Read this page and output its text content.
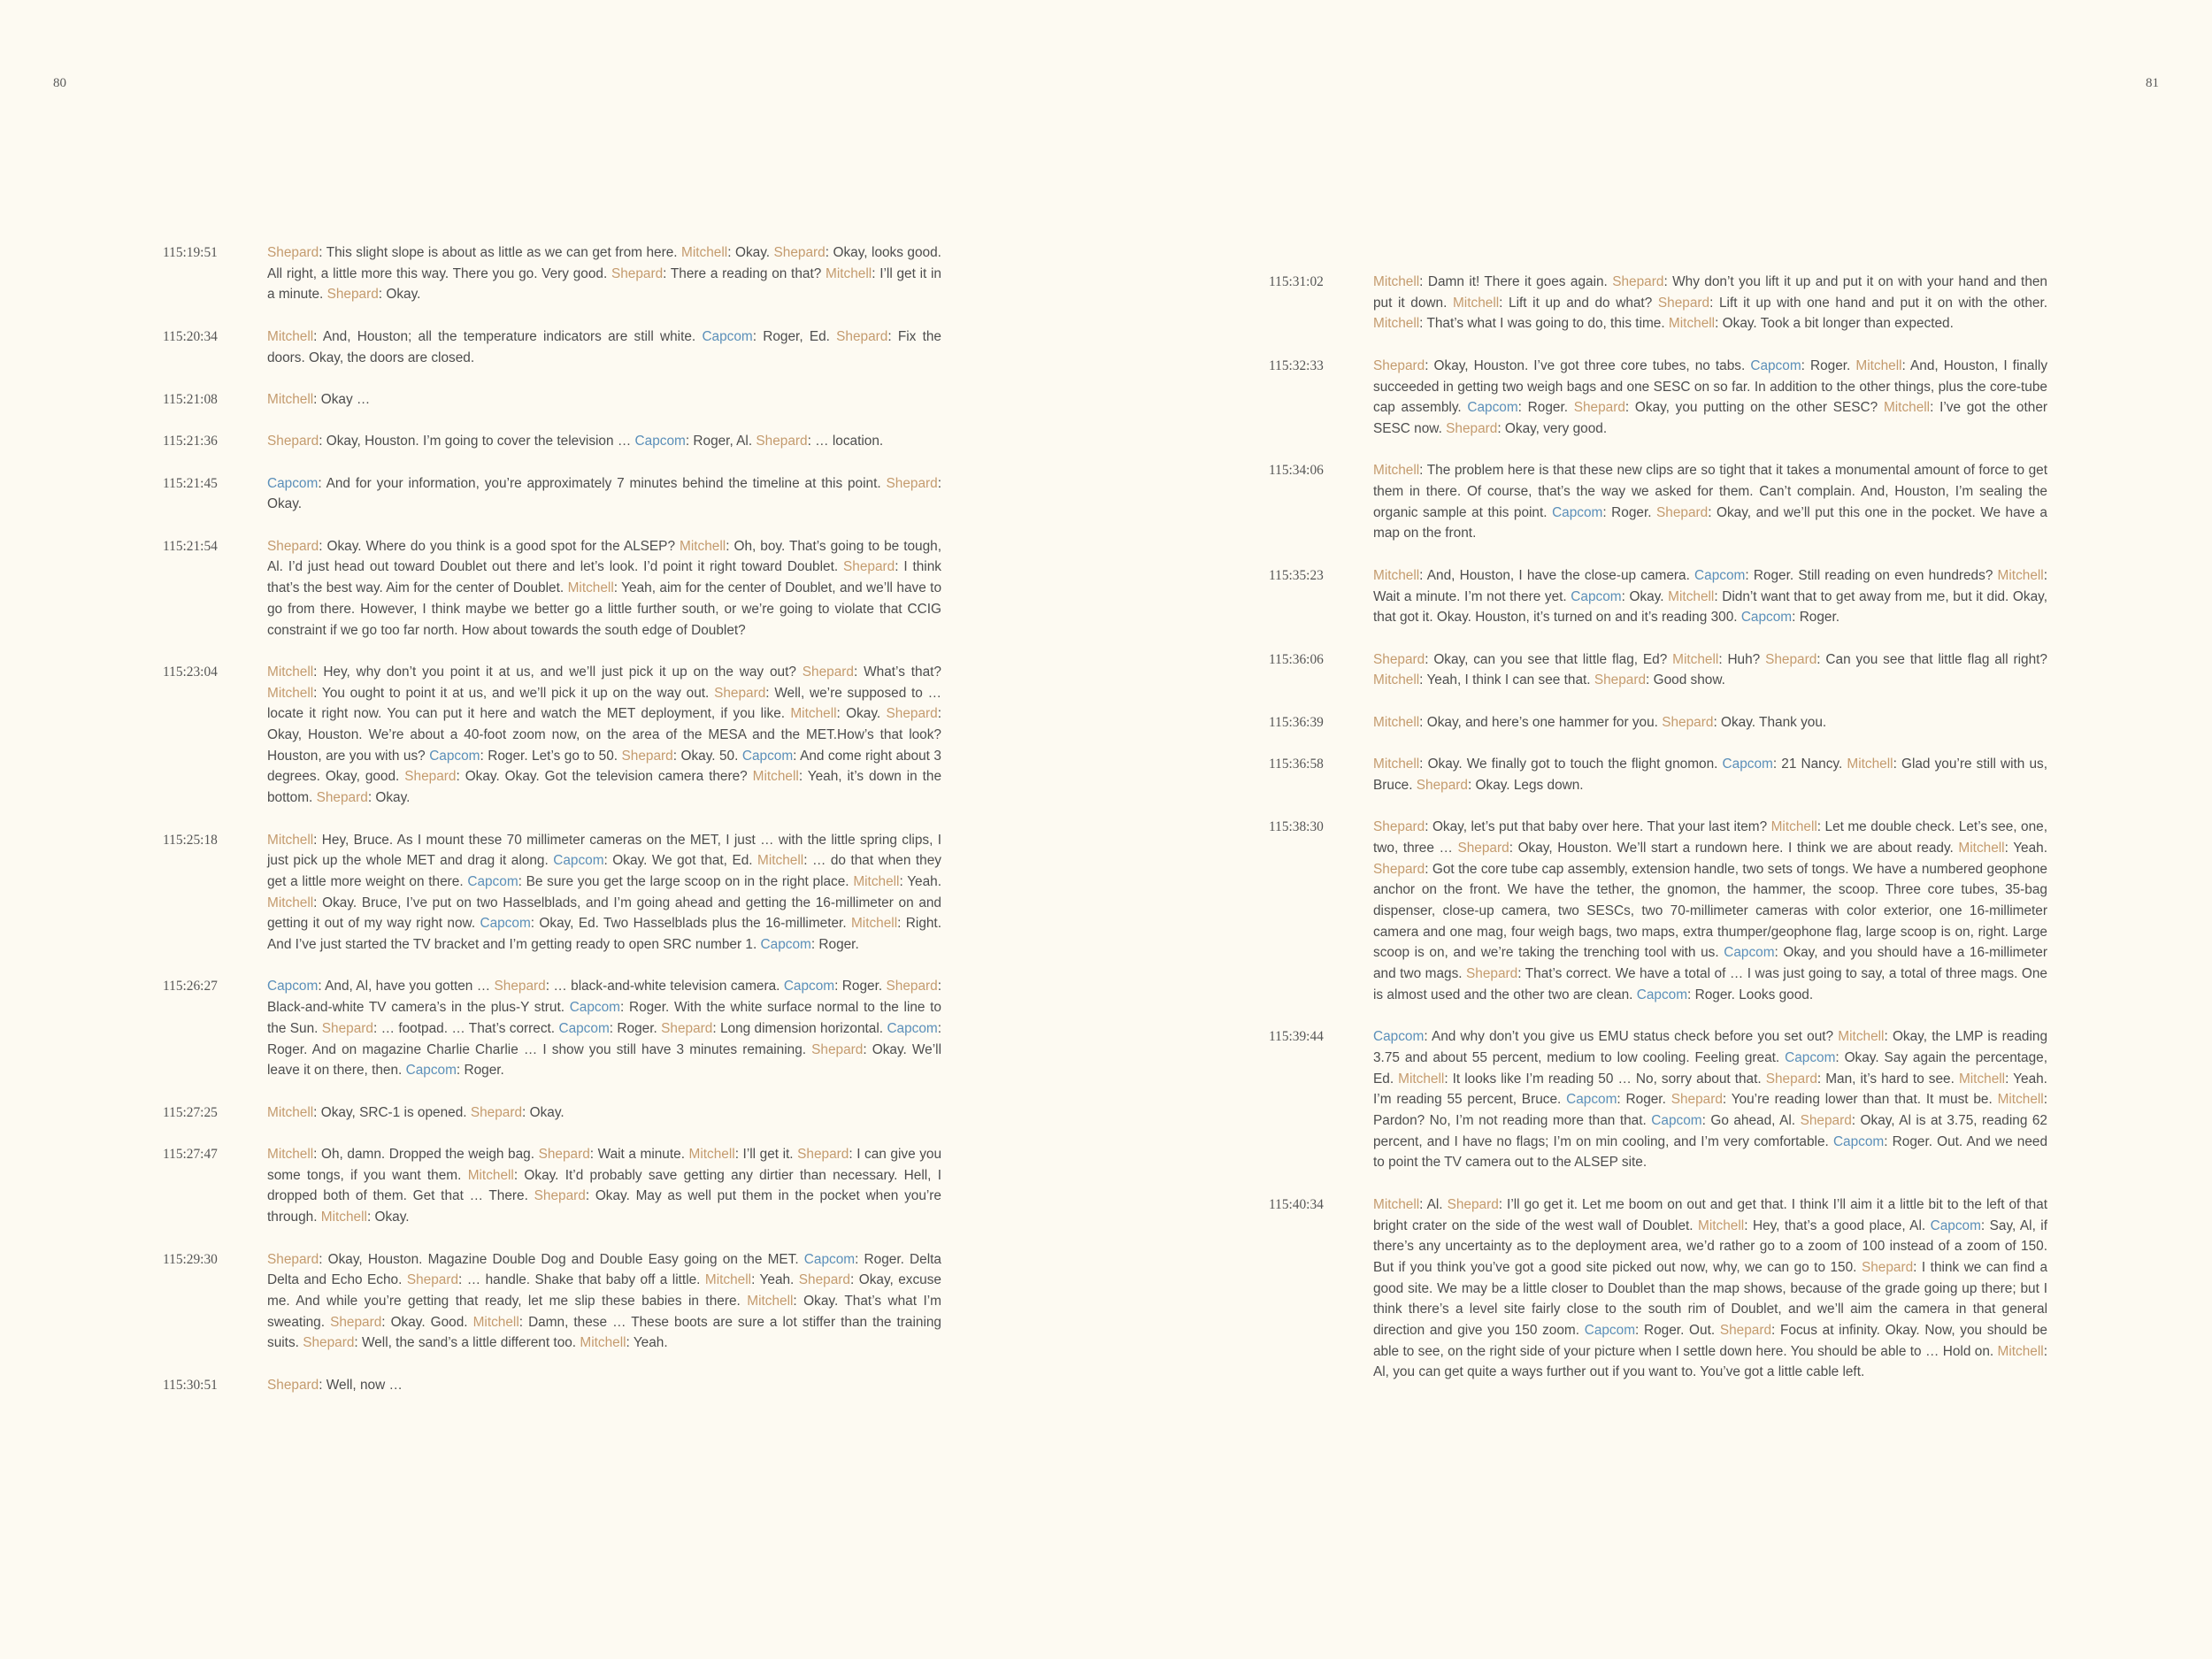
80	81
115:19:51	Shepard: This slight slope is about as little as we can get from here. Mitchell: Okay. Shepard: Okay, looks good. All right, a little more this way. There you go. Very good. Shepard: There a reading on that? Mitchell: I’ll get it in a minute. Shepard: Okay.
115:20:34	Mitchell: And, Houston; all the temperature indicators are still white. Capcom: Roger, Ed. Shepard: Fix the doors. Okay, the doors are closed.
115:21:08	Mitchell: Okay …
115:21:36	Shepard: Okay, Houston. I’m going to cover the television … Capcom: Roger, Al. Shepard: … location.
115:21:45	Capcom: And for your information, you’re approximately 7 minutes behind the timeline at this point. Shepard: Okay.
115:21:54	Shepard: Okay. Where do you think is a good spot for the ALSEP? Mitchell: Oh, boy. That’s going to be tough, Al. I’d just head out toward Doublet out there and let’s look. I’d point it right toward Doublet. Shepard: I think that’s the best way. Aim for the center of Doublet. Mitchell: Yeah, aim for the center of Doublet, and we’ll have to go from there. However, I think maybe we better go a little further south, or we’re going to violate that CCIG constraint if we go too far north. How about towards the south edge of Doublet?
115:23:04	Mitchell: Hey, why don’t you point it at us, and we’ll just pick it up on the way out? Shepard: What’s that? Mitchell: You ought to point it at us, and we’ll pick it up on the way out. Shepard: Well, we’re supposed to … locate it right now. You can put it here and watch the MET deployment, if you like. Mitchell: Okay. Shepard: Okay, Houston. We’re about a 40-foot zoom now, on the area of the MESA and the MET.How’s that look? Houston, are you with us? Capcom: Roger. Let’s go to 50. Shepard: Okay. 50. Capcom: And come right about 3 degrees. Okay, good. Shepard: Okay. Okay. Got the television camera there? Mitchell: Yeah, it’s down in the bottom. Shepard: Okay.
115:25:18	Mitchell: Hey, Bruce. As I mount these 70 millimeter cameras on the MET, I just … with the little spring clips, I just pick up the whole MET and drag it along. Capcom: Okay. We got that, Ed. Mitchell: … do that when they get a little more weight on there. Capcom: Be sure you get the large scoop on in the right place. Mitchell: Yeah. Mitchell: Okay. Bruce, I’ve put on two Hasselblads, and I’m going ahead and getting the 16-millimeter on and getting it out of my way right now. Capcom: Okay, Ed. Two Hasselblads plus the 16-millimeter. Mitchell: Right. And I’ve just started the TV bracket and I’m getting ready to open SRC number 1. Capcom: Roger.
115:26:27	Capcom: And, Al, have you gotten … Shepard: … black-and-white television camera. Capcom: Roger. Shepard: Black-and-white TV camera’s in the plus-Y strut. Capcom: Roger. With the white surface normal to the line to the Sun. Shepard: … footpad. … That’s correct. Capcom: Roger. Shepard: Long dimension horizontal. Capcom: Roger. And on magazine Charlie Charlie … I show you still have 3 minutes remaining. Shepard: Okay. We’ll leave it on there, then. Capcom: Roger.
115:27:25	Mitchell: Okay, SRC-1 is opened. Shepard: Okay.
115:27:47	Mitchell: Oh, damn. Dropped the weigh bag. Shepard: Wait a minute. Mitchell: I’ll get it. Shepard: I can give you some tongs, if you want them. Mitchell: Okay. It’d probably save getting any dirtier than necessary. Hell, I dropped both of them. Get that … There. Shepard: Okay. May as well put them in the pocket when you’re through. Mitchell: Okay.
115:29:30	Shepard: Okay, Houston. Magazine Double Dog and Double Easy going on the MET. Capcom: Roger. Delta Delta and Echo Echo. Shepard: … handle. Shake that baby off a little. Mitchell: Yeah. Shepard: Okay, excuse me. And while you’re getting that ready, let me slip these babies in there. Mitchell: Okay. That’s what I’m sweating. Shepard: Okay. Good. Mitchell: Damn, these … These boots are sure a lot stiffer than the training suits. Shepard: Well, the sand’s a little different too. Mitchell: Yeah.
115:30:51	Shepard: Well, now …
115:31:02	Mitchell: Damn it! There it goes again. Shepard: Why don’t you lift it up and put it on with your hand and then put it down. Mitchell: Lift it up and do what? Shepard: Lift it up with one hand and put it on with the other. Mitchell: That’s what I was going to do, this time. Mitchell: Okay. Took a bit longer than expected.
115:32:33	Shepard: Okay, Houston. I’ve got three core tubes, no tabs. Capcom: Roger. Mitchell: And, Houston, I finally succeeded in getting two weigh bags and one SESC on so far. In addition to the other things, plus the core-tube cap assembly. Capcom: Roger. Shepard: Okay, you putting on the other SESC? Mitchell: I’ve got the other SESC now. Shepard: Okay, very good.
115:34:06	Mitchell: The problem here is that these new clips are so tight that it takes a monumental amount of force to get them in there. Of course, that’s the way we asked for them. Can’t complain. And, Houston, I’m sealing the organic sample at this point. Capcom: Roger. Shepard: Okay, and we’ll put this one in the pocket. We have a map on the front.
115:35:23	Mitchell: And, Houston, I have the close-up camera. Capcom: Roger. Still reading on even hundreds? Mitchell: Wait a minute. I’m not there yet. Capcom: Okay. Mitchell: Didn’t want that to get away from me, but it did. Okay, that got it. Okay. Houston, it’s turned on and it’s reading 300. Capcom: Roger.
115:36:06	Shepard: Okay, can you see that little flag, Ed? Mitchell: Huh? Shepard: Can you see that little flag all right? Mitchell: Yeah, I think I can see that. Shepard: Good show.
115:36:39	Mitchell: Okay, and here’s one hammer for you. Shepard: Okay. Thank you.
115:36:58	Mitchell: Okay. We finally got to touch the flight gnomon. Capcom: 21 Nancy. Mitchell: Glad you’re still with us, Bruce. Shepard: Okay. Legs down.
115:38:30	Shepard: Okay, let’s put that baby over here. That your last item? Mitchell: Let me double check. Let’s see, one, two, three … Shepard: Okay, Houston. We’ll start a rundown here. I think we are about ready. Mitchell: Yeah. Shepard: Got the core tube cap assembly, extension handle, two sets of tongs. We have a numbered geophone anchor on the front. We have the tether, the gnomon, the hammer, the scoop. Three core tubes, 35-bag dispenser, close-up camera, two SESCs, two 70-millimeter cameras with color exterior, one 16-millimeter camera and one mag, four weigh bags, two maps, extra thumper/geophone flag, large scoop is on, right. Large scoop is on, and we’re taking the trenching tool with us. Capcom: Okay, and you should have a 16-millimeter and two mags. Shepard: That’s correct. We have a total of … I was just going to say, a total of three mags. One is almost used and the other two are clean. Capcom: Roger. Looks good.
115:39:44	Capcom: And why don’t you give us EMU status check before you set out? Mitchell: Okay, the LMP is reading 3.75 and about 55 percent, medium to low cooling. Feeling great. Capcom: Okay. Say again the percentage, Ed. Mitchell: It looks like I’m reading 50 … No, sorry about that. Shepard: Man, it’s hard to see. Mitchell: Yeah. I’m reading 55 percent, Bruce. Capcom: Roger. Shepard: You’re reading lower than that. It must be. Mitchell: Pardon? No, I’m not reading more than that. Capcom: Go ahead, Al. Shepard: Okay, Al is at 3.75, reading 62 percent, and I have no flags; I’m on min cooling, and I’m very comfortable. Capcom: Roger. Out. And we need to point the TV camera out to the ALSEP site.
115:40:34	Mitchell: Al. Shepard: I’ll go get it. Let me boom on out and get that. I think I’ll aim it a little bit to the left of that bright crater on the side of the west wall of Doublet. Mitchell: Hey, that’s a good place, Al. Capcom: Say, Al, if there’s any uncertainty as to the deployment area, we’d rather go to a zoom of 100 instead of a zoom of 150. But if you think you’ve got a good site picked out now, why, we can go to 150. Shepard: I think we can find a good site. We may be a little closer to Doublet than the map shows, because of the grade going up there; but I think there’s a level site fairly close to the south rim of Doublet, and we’ll aim the camera in that general direction and give you 150 zoom. Capcom: Roger. Out. Shepard: Focus at infinity. Okay. Now, you should be able to see, on the right side of your picture when I settle down here. You should be able to … Hold on. Mitchell: Al, you can get quite a ways further out if you want to. You’ve got a little cable left.
